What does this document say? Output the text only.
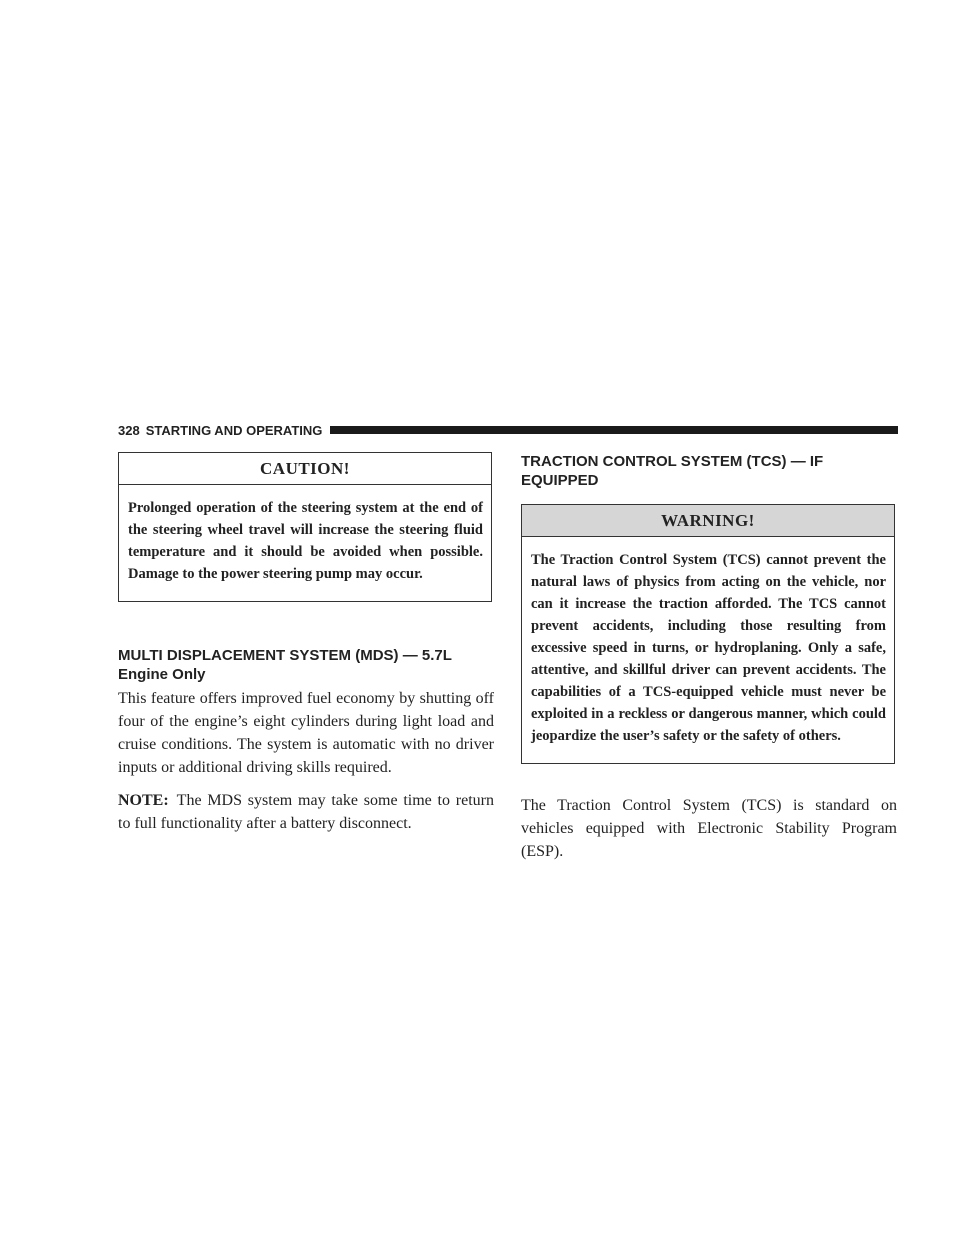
328 STARTING AND OPERATING
CAUTION!
Prolonged operation of the steering system at the end of the steering wheel travel will increase the steering fluid temperature and it should be avoided when possible. Damage to the power steering pump may occur.
MULTI DISPLACEMENT SYSTEM (MDS) — 5.7L
Engine Only

This feature offers improved fuel economy by shutting off four of the engine’s eight cylinders during light load and cruise conditions. The system is automatic with no driver inputs or additional driving skills required.

NOTE: The MDS system may take some time to return to full functionality after a battery disconnect.

TRACTION CONTROL SYSTEM (TCS) — IF
EQUIPPED
WARNING!
The Traction Control System (TCS) cannot prevent the natural laws of physics from acting on the vehicle, nor can it increase the traction afforded. The TCS cannot prevent accidents, including those resulting from excessive speed in turns, or hydroplaning. Only a safe, attentive, and skillful driver can prevent accidents. The capabilities of a TCS-equipped vehicle must never be exploited in a reckless or dangerous manner, which could jeopardize the user’s safety or the safety of others.

The Traction Control System (TCS) is standard on vehicles equipped with Electronic Stability Program (ESP).
